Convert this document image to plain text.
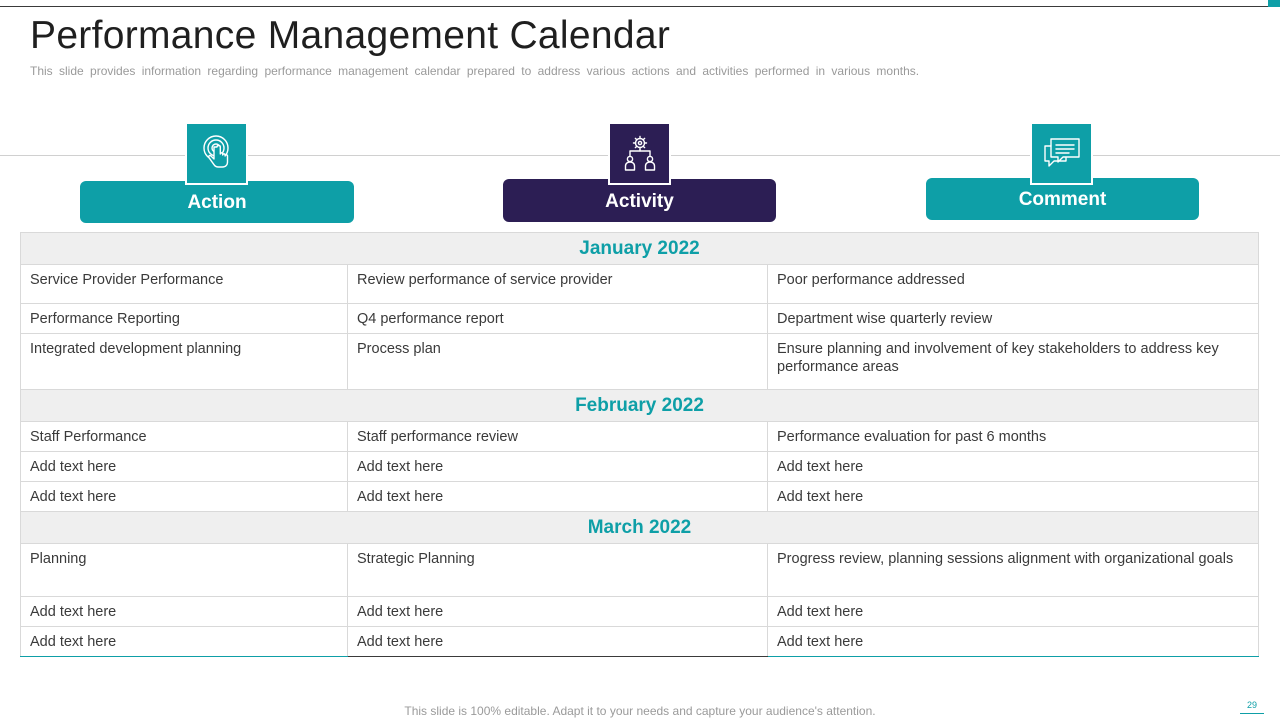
Performance Management Calendar
This slide provides information regarding performance management calendar prepared to address various actions and activities performed in various months.
Action	Activity	Comment
January 2022		
Service Provider Performance	Review performance of service provider	Poor performance addressed
Performance Reporting	Q4 performance report	Department wise quarterly review
Integrated development planning	Process plan	Ensure planning and involvement of key stakeholders to address key performance areas
February 2022		
Staff Performance	Staff performance review	Performance evaluation for past 6 months
Add text here	Add text here	Add text here
Add text here	Add text here	Add text here
March 2022		
Planning	Strategic Planning	Progress review, planning sessions alignment with organizational goals
Add text here	Add text here	Add text here
Add text here	Add text here	Add text here
This slide is 100% editable. Adapt it to your needs and capture your audience's attention.	29
